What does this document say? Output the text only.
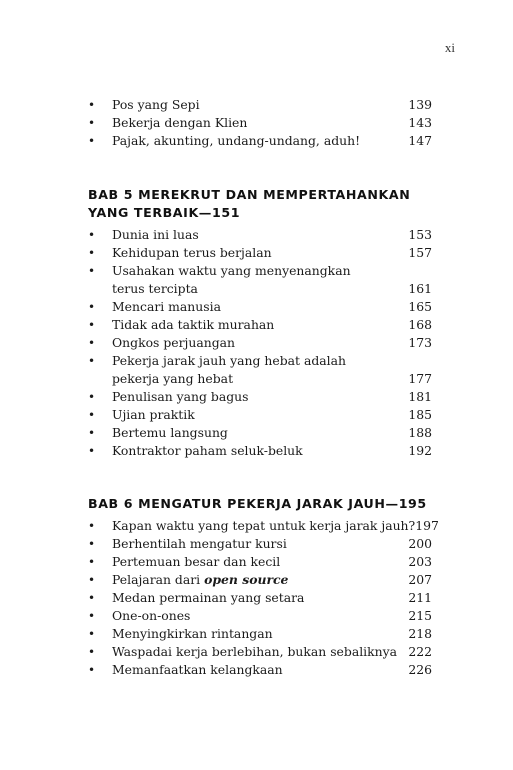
xi
• Pos yang Sepi	139
• Bekerja dengan Klien	143
• Pajak, akunting, undang-undang, aduh!	147
BAB 5 MEREKRUT DAN MEMPERTAHANKAN
YANG TERBAIK—151
• Dunia ini luas	153
• Kehidupan terus berjalan	157
• Usahakan waktu yang menyenangkan
terus tercipta	161
• Mencari manusia	165
• Tidak ada taktik murahan	168
• Ongkos perjuangan	173
• Pekerja jarak jauh yang hebat adalah
pekerja yang hebat	177
• Penulisan yang bagus	181
• Ujian praktik	185
• Bertemu langsung	188
• Kontraktor paham seluk-beluk	192
BAB 6 MENGATUR PEKERJA JARAK JAUH—195
• Kapan waktu yang tepat untuk kerja jarak jauh? 197
• Berhentilah mengatur kursi	200
• Pertemuan besar dan kecil	203
• Pelajaran dari open source	207
• Medan permainan yang setara	211
• One-on-ones	215
• Menyingkirkan rintangan	218
• Waspadai kerja berlebihan, bukan sebaliknya 222
• Memanfaatkan kelangkaan	226
